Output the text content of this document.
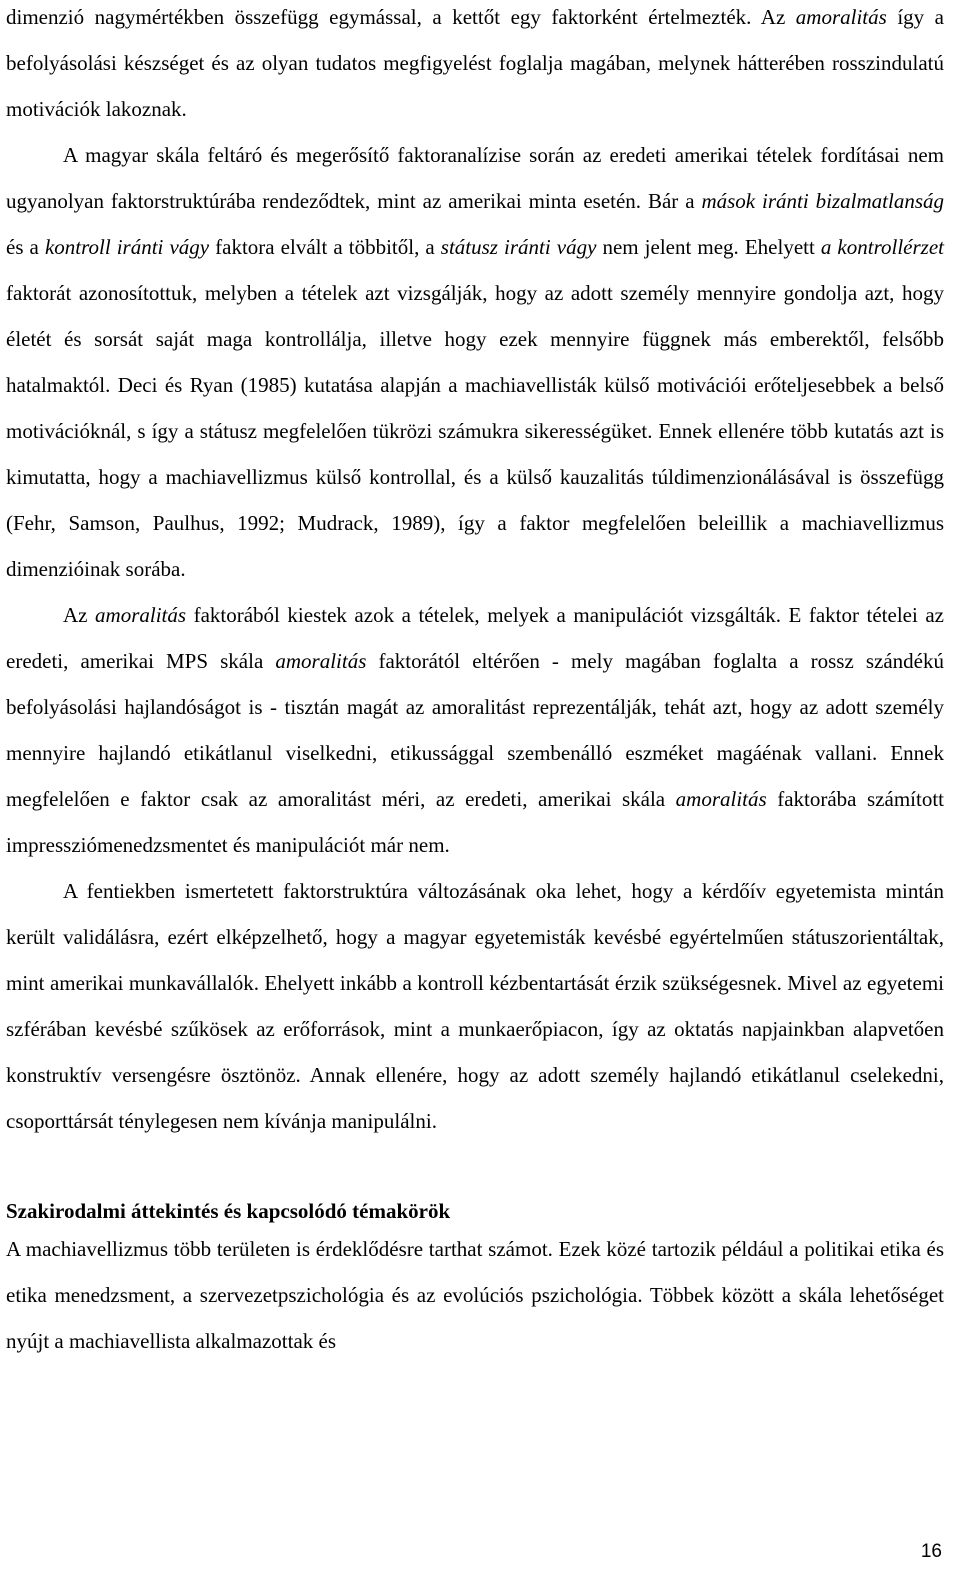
dimenzió nagymértékben összefügg egymással, a kettőt egy faktorként értelmezték. Az amoralitás így a befolyásolási készséget és az olyan tudatos megfigyelést foglalja magában, melynek hátterében rosszindulatú motivációk lakoznak.

A magyar skála feltáró és megerősítő faktoranalízise során az eredeti amerikai tételek fordításai nem ugyanolyan faktorstruktúrába rendeződtek, mint az amerikai minta esetén. Bár a mások iránti bizalmatlanság és a kontroll iránti vágy faktora elvált a többitől, a státusz iránti vágy nem jelent meg. Ehelyett a kontrollérzet faktorát azonosítottuk, melyben a tételek azt vizsgálják, hogy az adott személy mennyire gondolja azt, hogy életét és sorsát saját maga kontrollálja, illetve hogy ezek mennyire függnek más emberektől, felsőbb hatalmaktól. Deci és Ryan (1985) kutatása alapján a machiavellisták külső motivációi erőteljesebbek a belső motivációknál, s így a státusz megfelelően tükrözi számukra sikerességüket. Ennek ellenére több kutatás azt is kimutatta, hogy a machiavellizmus külső kontrollal, és a külső kauzalitás túldimenzionálásával is összefügg (Fehr, Samson, Paulhus, 1992; Mudrack, 1989), így a faktor megfelelően beleillik a machiavellizmus dimenzióinak sorába.

Az amoralitás faktorából kiestek azok a tételek, melyek a manipulációt vizsgálták. E faktor tételei az eredeti, amerikai MPS skála amoralitás faktorától eltérően - mely magában foglalta a rossz szándékú befolyásolási hajlandóságot is - tisztán magát az amoralitást reprezentálják, tehát azt, hogy az adott személy mennyire hajlandó etikátlanul viselkedni, etikussággal szembenálló eszméket magáénak vallani. Ennek megfelelően e faktor csak az amoralitást méri, az eredeti, amerikai skála amoralitás faktorába számított impressziómenedzsmentet és manipulációt már nem.

A fentiekben ismertetett faktorstruktúra változásának oka lehet, hogy a kérdőív egyetemista mintán került validálásra, ezért elképzelhető, hogy a magyar egyetemisták kevésbé egyértelműen státuszorientáltak, mint amerikai munkavállalók. Ehelyett inkább a kontroll kézbentartását érzik szükségesnek. Mivel az egyetemi szférában kevésbé szűkösek az erőforrások, mint a munkaerőpiacon, így az oktatás napjainkban alapvetően konstruktív versengésre ösztönöz. Annak ellenére, hogy az adott személy hajlandó etikátlanul cselekedni, csoporttársát ténylegesen nem kívánja manipulálni.

Szakirodalmi áttekintés és kapcsolódó témakörök

A machiavellizmus több területen is érdeklődésre tarthat számot. Ezek közé tartozik például a politikai etika és etika menedzsment, a szervezetpszichológia és az evolúciós pszichológia. Többek között a skála lehetőséget nyújt a machiavellista alkalmazottak és

16
